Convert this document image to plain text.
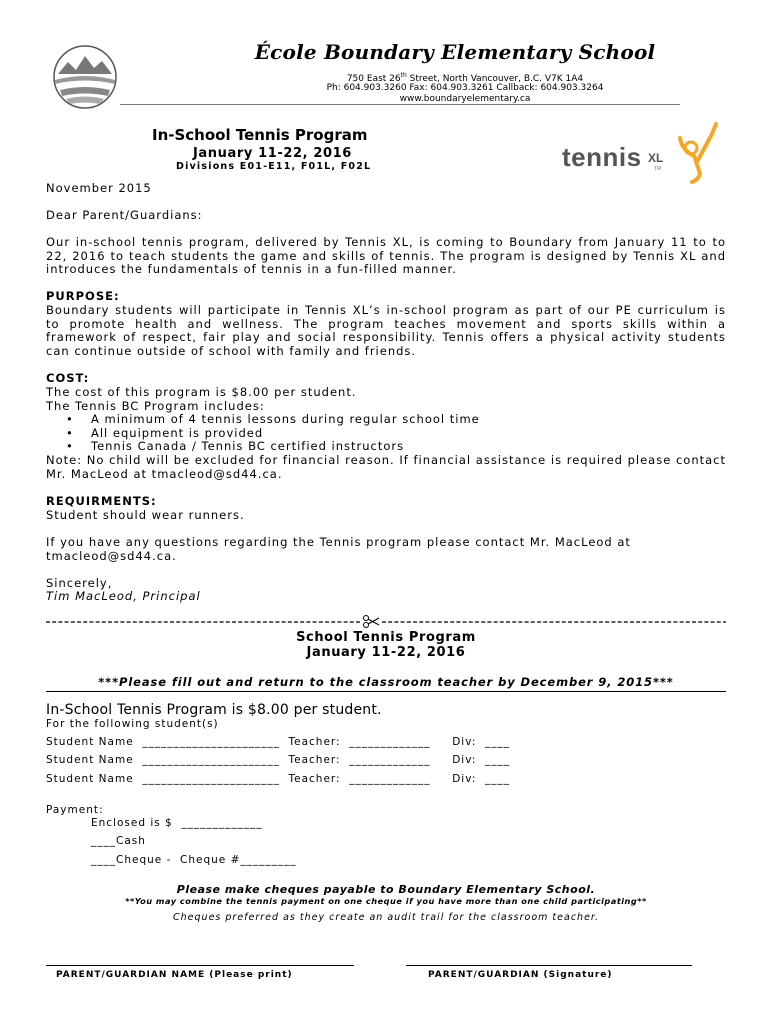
École Boundary Elementary School
750 East 26th Street, North Vancouver, B.C. V7K 1A4
Ph: 604.903.3260 Fax: 604.903.3261 Callback: 604.903.3264
www.boundaryelementary.ca
In-School Tennis Program
January 11-22, 2016
Divisions E01-E11, F01L, F02L	tennis XL
TM
November 2015
Dear Parent/Guardians:
Our in-school tennis program, delivered by Tennis XL, is coming to Boundary from January 11 to to 22, 2016 to teach students the game and skills of tennis. The program is designed by Tennis XL and introduces the fundamentals of tennis in a fun-filled manner.
PURPOSE:
Boundary students will participate in Tennis XL’s in-school program as part of our PE curriculum is to promote health and wellness. The program teaches movement and sports skills within a framework of respect, fair play and social responsibility. Tennis offers a physical activity students can continue outside of school with family and friends.
COST:
The cost of this program is $8.00 per student.
The Tennis BC Program includes:
• A minimum of 4 tennis lessons during regular school time
• All equipment is provided
• Tennis Canada / Tennis BC certified instructors
Note: No child will be excluded for financial reason. If financial assistance is required please contact Mr. MacLeod at tmacleod@sd44.ca.
REQUIRMENTS:
Student should wear runners.
If you have any questions regarding the Tennis program please contact Mr. MacLeod at tmacleod@sd44.ca.
Sincerely,
Tim MacLeod, Principal
School Tennis Program
January 11-22, 2016
***Please fill out and return to the classroom teacher by December 9, 2015***
In-School Tennis Program is $8.00 per student.
For the following student(s)
Student Name  ______________________  Teacher:  _____________     Div:  ____
Student Name  ______________________  Teacher:  _____________     Div:  ____
Student Name  ______________________  Teacher:  _____________     Div:  ____
Payment:
Enclosed is $  _____________
____Cash
____Cheque -  Cheque #_________
Please make cheques payable to Boundary Elementary School.
**You may combine the tennis payment on one cheque if you have more than one child participating**
Cheques preferred as they create an audit trail for the classroom teacher.
PARENT/GUARDIAN NAME (Please print)	PARENT/GUARDIAN (Signature)
